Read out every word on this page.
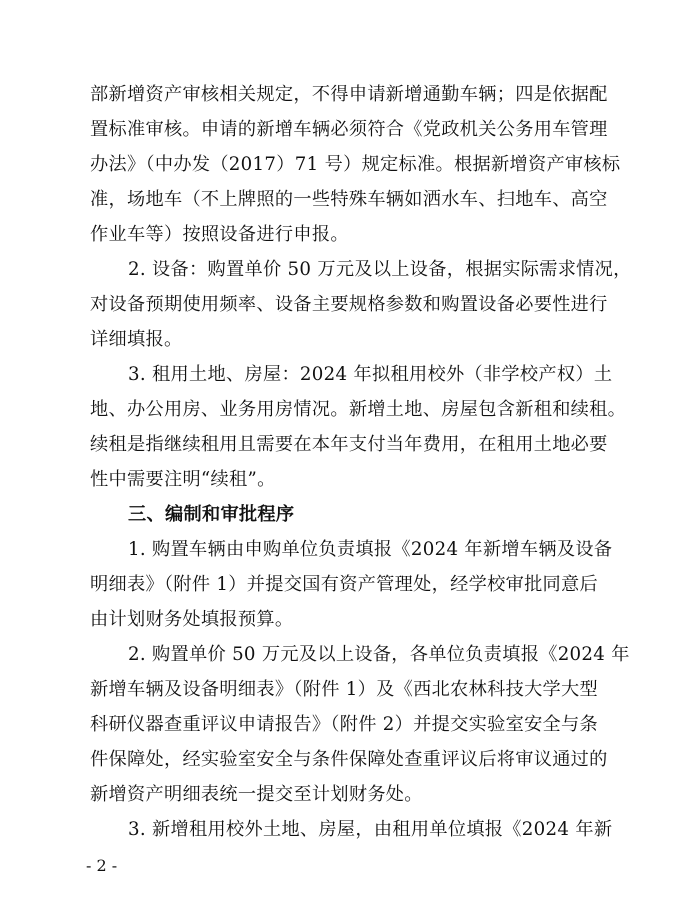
部新增资产审核相关规定，不得申请新增通勤车辆；四是依据配
置标准审核。申请的新增车辆必须符合《党政机关公务用车管理
办法》（中办发（2017）71 号）规定标准。根据新增资产审核标
准，场地车（不上牌照的一些特殊车辆如洒水车、扫地车、高空
作业车等）按照设备进行申报。
2. 设备：购置单价 50 万元及以上设备，根据实际需求情况，
对设备预期使用频率、设备主要规格参数和购置设备必要性进行
详细填报。
3. 租用土地、房屋：2024 年拟租用校外（非学校产权）土
地、办公用房、业务用房情况。新增土地、房屋包含新租和续租。
续租是指继续租用且需要在本年支付当年费用，在租用土地必要
性中需要注明“续租”。
三、编制和审批程序
1. 购置车辆由申购单位负责填报《2024 年新增车辆及设备
明细表》（附件 1）并提交国有资产管理处，经学校审批同意后
由计划财务处填报预算。
2. 购置单价 50 万元及以上设备，各单位负责填报《2024 年
新增车辆及设备明细表》（附件 1）及《西北农林科技大学大型
科研仪器查重评议申请报告》（附件 2）并提交实验室安全与条
件保障处，经实验室安全与条件保障处查重评议后将审议通过的
新增资产明细表统一提交至计划财务处。
3. 新增租用校外土地、房屋，由租用单位填报《2024 年新
- 2 -
